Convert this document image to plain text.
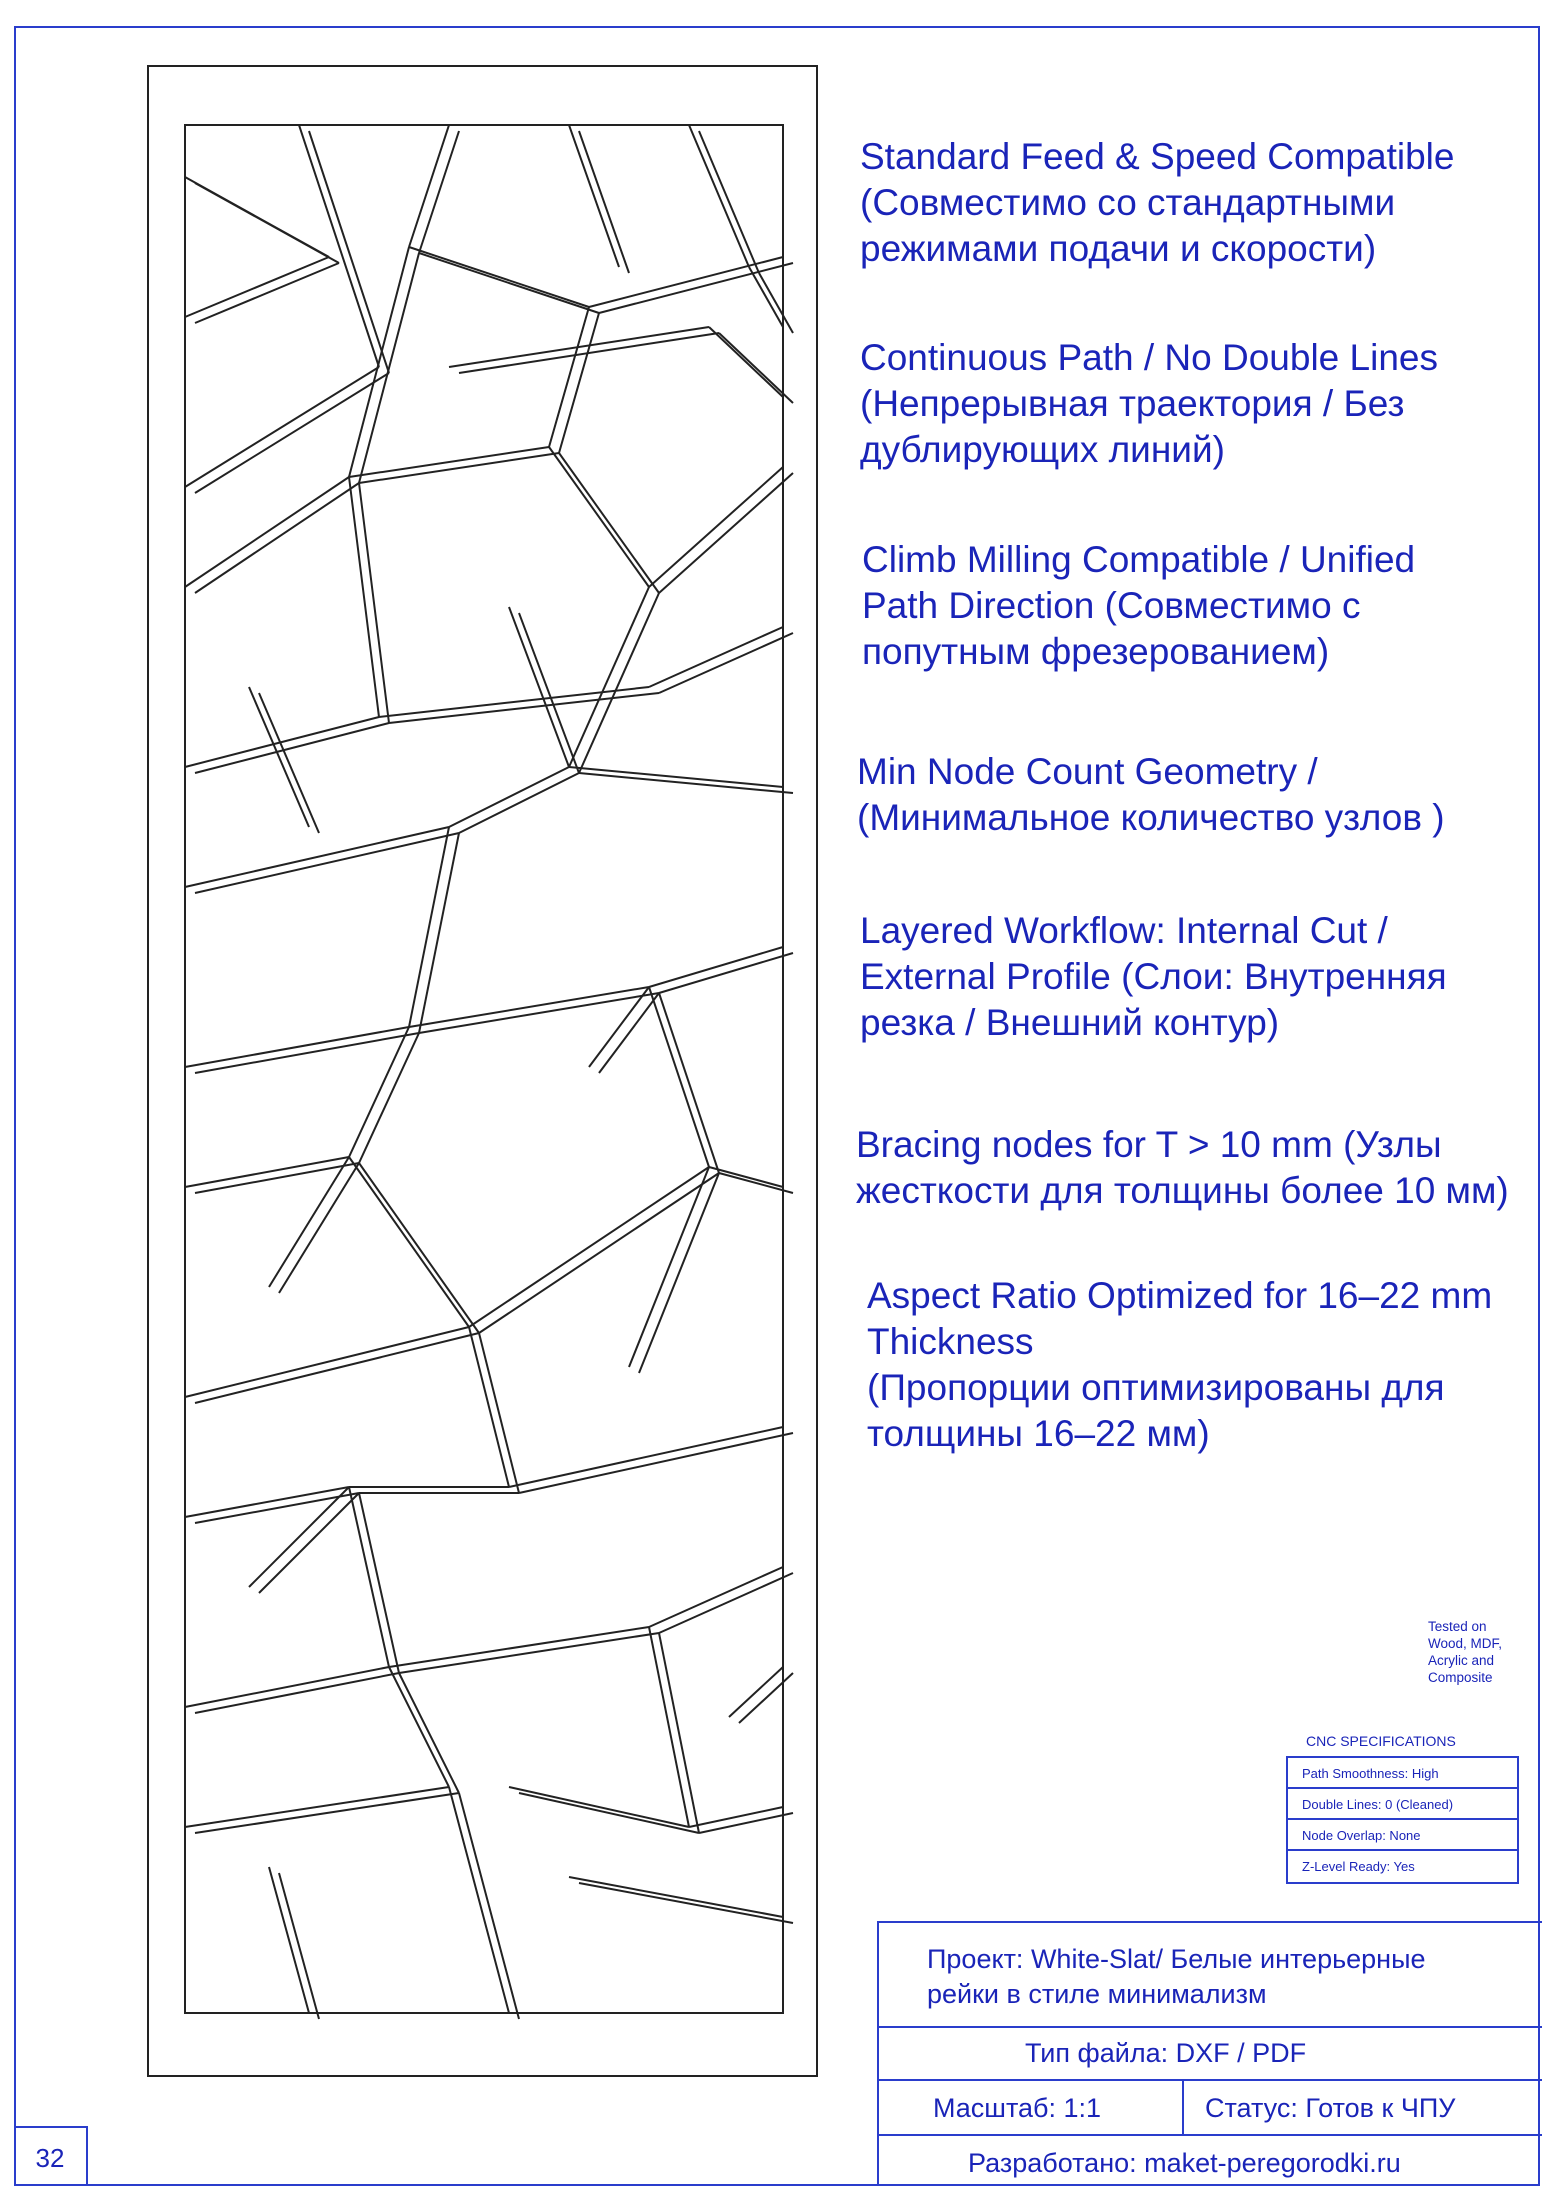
Standard Feed & Speed Compatible
(Совместимо со стандартными
режимами подачи и скорости)
Continuous Path / No Double Lines
(Непрерывная траектория / Без
дублирующих линий)
Climb Milling Compatible / Unified
Path Direction (Совместимо с
попутным фрезерованием)
Min Node Count Geometry /
(Минимальное количество узлов )
Layered Workflow: Internal Cut /
External Profile (Слои: Внутренняя
резка / Внешний контур)
Bracing nodes for T > 10 mm (Узлы
жесткости для толщины более 10 мм)
Aspect Ratio Optimized for 16–22 mm
Thickness
(Пропорции оптимизированы для
толщины 16–22 мм)
Tested on
Wood, MDF,
Acrylic and
Composite
CNC SPECIFICATIONS
Path Smoothness: High
Double Lines: 0 (Cleaned)
Node Overlap: None
Z-Level Ready: Yes
Проект: White-Slat/ Белые интерьерные
рейки в стиле минимализм
Тип файла: DXF / PDF
Масштаб: 1:1	Статус: Готов к ЧПУ
Разработано: maket-peregorodki.ru
32
